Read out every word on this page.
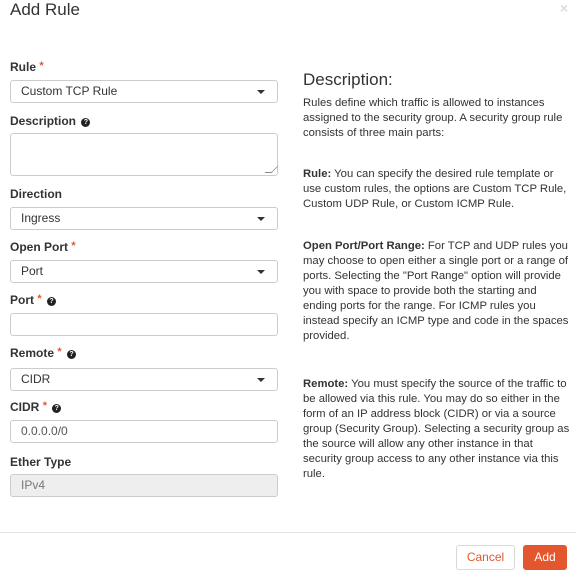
Add Rule	×
Rule *
Custom TCP Rule
Description ?
Direction
Ingress
Open Port *
Port
Port * ?
Remote * ?
CIDR
CIDR * ?
0.0.0.0/0
Ether Type
IPv4
Description:
Rules define which traffic is allowed to instances assigned to the security group. A security group rule consists of three main parts:
Rule: You can specify the desired rule template or use custom rules, the options are Custom TCP Rule, Custom UDP Rule, or Custom ICMP Rule.
Open Port/Port Range: For TCP and UDP rules you may choose to open either a single port or a range of ports. Selecting the "Port Range" option will provide you with space to provide both the starting and ending ports for the range. For ICMP rules you instead specify an ICMP type and code in the spaces provided.
Remote: You must specify the source of the traffic to be allowed via this rule. You may do so either in the form of an IP address block (CIDR) or via a source group (Security Group). Selecting a security group as the source will allow any other instance in that security group access to any other instance via this rule.
Cancel	Add
